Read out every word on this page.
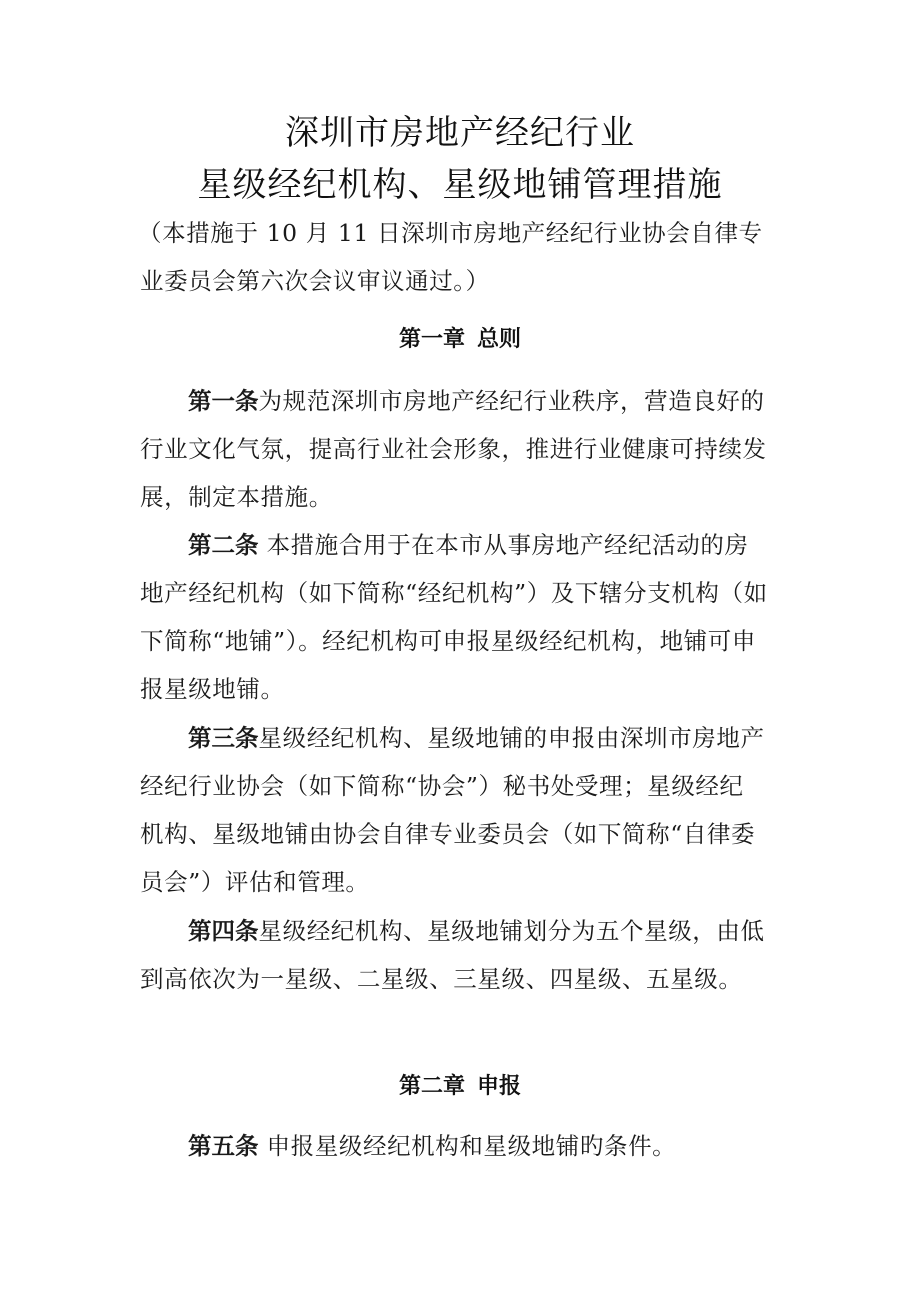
深圳市房地产经纪行业
星级经纪机构、星级地铺管理措施
（本措施于 10 月 11 日深圳市房地产经纪行业协会自律专
业委员会第六次会议审议通过。）
第一章 总则
第一条为规范深圳市房地产经纪行业秩序，营造良好的
行业文化气氛，提高行业社会形象，推进行业健康可持续发
展，制定本措施。
第二条 本措施合用于在本市从事房地产经纪活动的房
地产经纪机构（如下简称“经纪机构”）及下辖分支机构（如
下简称“地铺”）。经纪机构可申报星级经纪机构，地铺可申
报星级地铺。
第三条星级经纪机构、星级地铺的申报由深圳市房地产
经纪行业协会（如下简称“协会”）秘书处受理；星级经纪
机构、星级地铺由协会自律专业委员会（如下简称“自律委
员会”）评估和管理。
第四条星级经纪机构、星级地铺划分为五个星级，由低
到高依次为一星级、二星级、三星级、四星级、五星级。
第二章 申报
第五条 申报星级经纪机构和星级地铺旳条件。
